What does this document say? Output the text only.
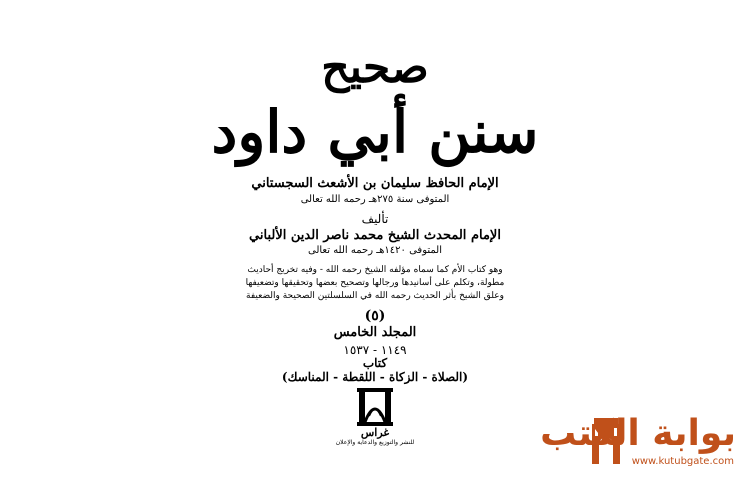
صحيح
سنن أبي داود
الإمام الحافظ سليمان بن الأشعث السجستاني
المتوفى سنة ٢٧٥هـ رحمه الله تعالى
تأليف
الإمام المحدث الشيخ محمد ناصر الدين الألباني
المتوفى ١٤٢٠هـ رحمه الله تعالى
وهو كتاب الأم كما سماه مؤلفه الشيخ رحمه الله - وفيه تخريج أحاديث
مطولة، وتكلم على أسانيدها ورجالها وتصحيح بعضها وتحقيقها وتضعيفها
وعلق الشيخ بأثر الحديث رحمه الله في السلسلتين الصحيحة والضعيفة
(٥)
المجلد الخامس
١١٤٩ - ١٥٣٧
كتاب
(الصلاة - الزكاة - اللقطة - المناسك)
غراس
للنشر والتوزيع والدعاية والإعلان	بوابة الكتب
www.kutubgate.com
